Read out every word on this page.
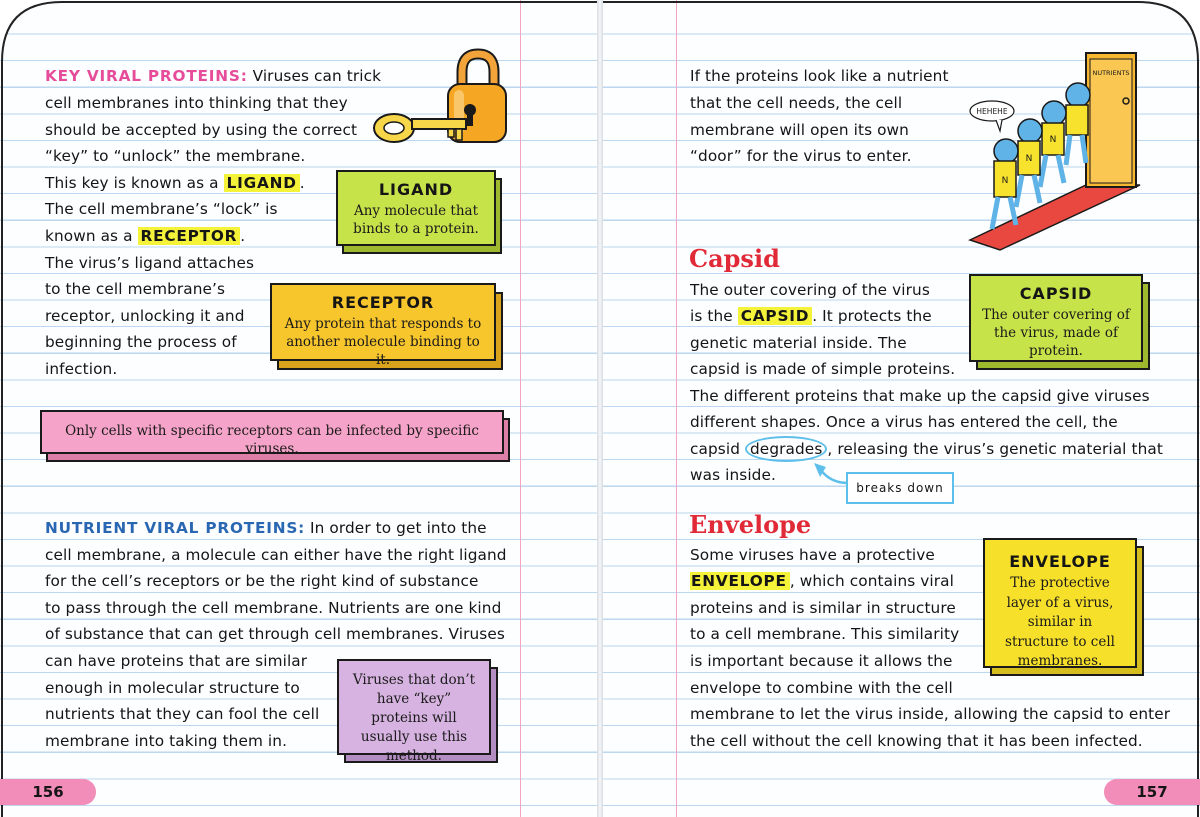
KEY VIRAL PROTEINS: Viruses can trick
cell membranes into thinking that they
should be accepted by using the correct
“key” to “unlock” the membrane.
This key is known as a LIGAND .
The cell membrane’s “lock” is
known as a RECEPTOR .
The virus’s ligand attaches
to the cell membrane’s
receptor, unlocking it and
beginning the process of
infection.
LIGAND
Any molecule that binds to a protein.
RECEPTOR
Any protein that responds to another molecule binding to it.
Only cells with specific receptors can be infected by specific viruses.
NUTRIENT VIRAL PROTEINS: In order to get into the
cell membrane, a molecule can either have the right ligand
for the cell’s receptors or be the right kind of substance
to pass through the cell membrane. Nutrients are one kind
of substance that can get through cell membranes. Viruses
can have proteins that are similar
enough in molecular structure to
nutrients that they can fool the cell
membrane into taking them in.
Viruses that don’t have “key” proteins will usually use this method.
156
If the proteins look like a nutrient
that the cell needs, the cell
membrane will open its own
“door” for the virus to enter.
NUTRIENTS
HEHEHE
N
N
N
Capsid
The outer covering of the virus
is the CAPSID . It protects the
genetic material inside. The
capsid is made of simple proteins.
The different proteins that make up the capsid give viruses
different shapes. Once a virus has entered the cell, the
capsid degrades , releasing the virus’s genetic material that
was inside.
breaks down
CAPSID
The outer covering of the virus, made of protein.
Envelope
Some viruses have a protective
ENVELOPE , which contains viral
proteins and is similar in structure
to a cell membrane. This similarity
is important because it allows the
envelope to combine with the cell
membrane to let the virus inside, allowing the capsid to enter
the cell without the cell knowing that it has been infected.
ENVELOPE
The protective layer of a virus, similar in structure to cell membranes.
157
